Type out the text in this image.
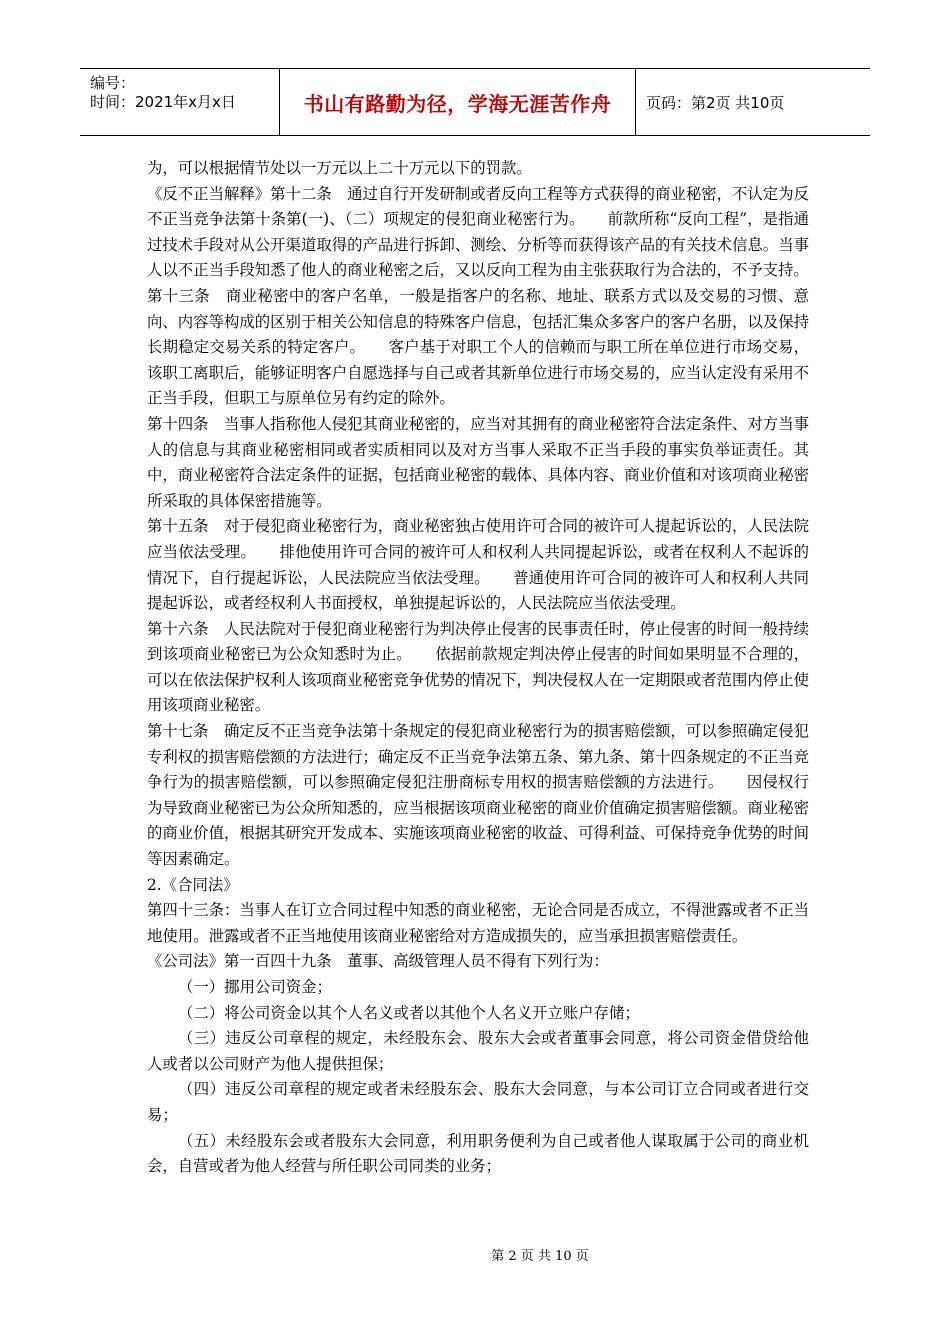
编号：
时间：2021年x月x日	书山有路勤为径，学海无涯苦作舟 页码：第2页 共10页

为，可以根据情节处以一万元以上二十万元以下的罚款。

《反不正当解释》第十二条　通过自行开发研制或者反向工程等方式获得的商业秘密，不认定为反不正当竞争法第十条第(一)、（二）项规定的侵犯商业秘密行为。　　前款所称“反向工程”，是指通过技术手段对从公开渠道取得的产品进行拆卸、测绘、分析等而获得该产品的有关技术信息。当事人以不正当手段知悉了他人的商业秘密之后，又以反向工程为由主张获取行为合法的，不予支持。

第十三条　商业秘密中的客户名单，一般是指客户的名称、地址、联系方式以及交易的习惯、意向、内容等构成的区别于相关公知信息的特殊客户信息，包括汇集众多客户的客户名册，以及保持长期稳定交易关系的特定客户。　　客户基于对职工个人的信赖而与职工所在单位进行市场交易，该职工离职后，能够证明客户自愿选择与自己或者其新单位进行市场交易的，应当认定没有采用不正当手段，但职工与原单位另有约定的除外。

第十四条　当事人指称他人侵犯其商业秘密的，应当对其拥有的商业秘密符合法定条件、对方当事人的信息与其商业秘密相同或者实质相同以及对方当事人采取不正当手段的事实负举证责任。其中，商业秘密符合法定条件的证据，包括商业秘密的载体、具体内容、商业价值和对该项商业秘密所采取的具体保密措施等。

第十五条　对于侵犯商业秘密行为，商业秘密独占使用许可合同的被许可人提起诉讼的，人民法院应当依法受理。　　排他使用许可合同的被许可人和权利人共同提起诉讼，或者在权利人不起诉的情况下，自行提起诉讼，人民法院应当依法受理。　　普通使用许可合同的被许可人和权利人共同提起诉讼，或者经权利人书面授权，单独提起诉讼的，人民法院应当依法受理。

第十六条　人民法院对于侵犯商业秘密行为判决停止侵害的民事责任时，停止侵害的时间一般持续到该项商业秘密已为公众知悉时为止。　　依据前款规定判决停止侵害的时间如果明显不合理的，可以在依法保护权利人该项商业秘密竞争优势的情况下，判决侵权人在一定期限或者范围内停止使用该项商业秘密。

第十七条　确定反不正当竞争法第十条规定的侵犯商业秘密行为的损害赔偿额，可以参照确定侵犯专利权的损害赔偿额的方法进行；确定反不正当竞争法第五条、第九条、第十四条规定的不正当竞争行为的损害赔偿额，可以参照确定侵犯注册商标专用权的损害赔偿额的方法进行。　　因侵权行为导致商业秘密已为公众所知悉的，应当根据该项商业秘密的商业价值确定损害赔偿额。商业秘密的商业价值，根据其研究开发成本、实施该项商业秘密的收益、可得利益、可保持竞争优势的时间等因素确定。

2.《合同法》

第四十三条：当事人在订立合同过程中知悉的商业秘密，无论合同是否成立，不得泄露或者不正当地使用。泄露或者不正当地使用该商业秘密给对方造成损失的，应当承担损害赔偿责任。

《公司法》第一百四十九条　董事、高级管理人员不得有下列行为：

（一）挪用公司资金；

（二）将公司资金以其个人名义或者以其他个人名义开立账户存储；

（三）违反公司章程的规定，未经股东会、股东大会或者董事会同意，将公司资金借贷给他人或者以公司财产为他人提供担保；

（四）违反公司章程的规定或者未经股东会、股东大会同意，与本公司订立合同或者进行交易；

（五）未经股东会或者股东大会同意，利用职务便利为自己或者他人谋取属于公司的商业机会，自营或者为他人经营与所任职公司同类的业务；

第 2 页 共 10 页
